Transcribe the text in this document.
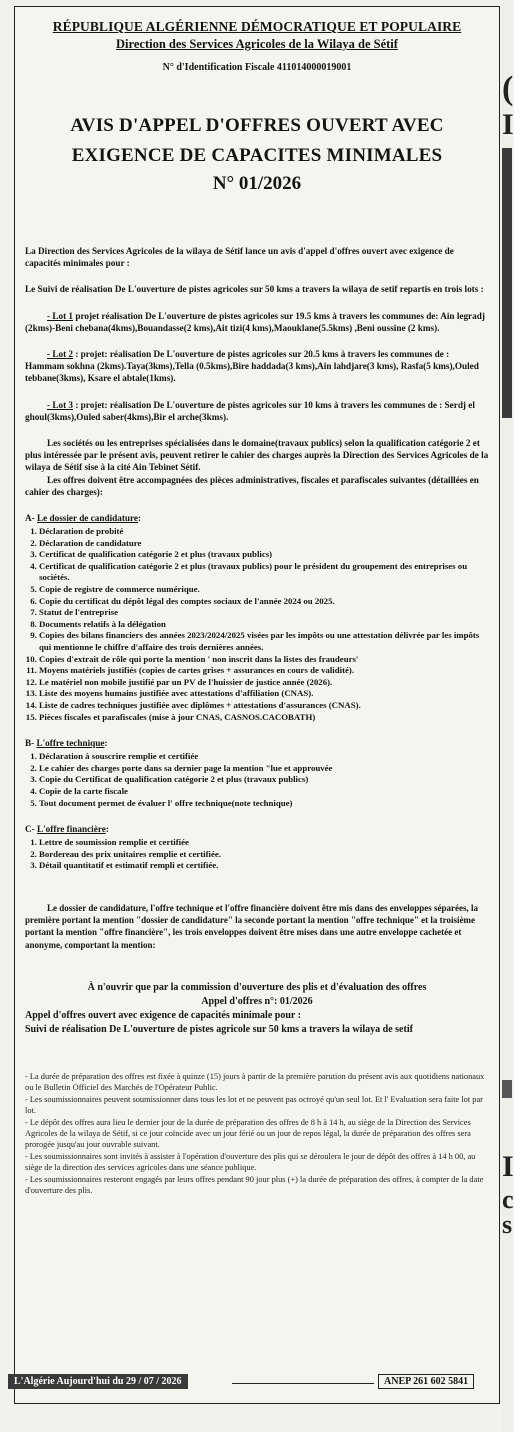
RÉPUBLIQUE ALGÉRIENNE DÉMOCRATIQUE ET POPULAIRE
Direction des Services Agricoles de la Wilaya de Sétif
N° d'Identification Fiscale 411014000019001
AVIS D'APPEL D'OFFRES OUVERT AVEC
EXIGENCE DE CAPACITES MINIMALES
N° 01/2026

La Direction des Services Agricoles de la wilaya de Sétif lance un avis d'appel d'offres ouvert avec exigence de capacités minimales pour :

Le Suivi de réalisation De L'ouverture de pistes agricoles sur 50 kms a travers la wilaya de setif repartis en trois lots :

- Lot 1 projet réalisation De L'ouverture de pistes agricoles sur 19.5 kms à travers les communes de: Ain legradj (2kms)-Beni chebana(4kms),Bouandasse(2 kms),Ait tizi(4 kms),Maouklane(5.5kms) ,Beni oussine (2 kms).

- Lot 2 : projet: réalisation De L'ouverture de pistes agricoles sur 20.5 kms à travers les communes de : Hammam sokhna (2kms).Taya(3kms),Tella (0.5kms),Bire haddada(3 kms),Ain lahdjare(3 kms), Rasfa(5 kms),Ouled tebbane(3kms), Ksare el abtale(1kms).

- Lot 3 : projet: réalisation De L'ouverture de pistes agricoles sur 10 kms à travers les communes de : Serdj el ghoul(3kms),Ouled saber(4kms),Bir el arche(3kms).

Les sociétés ou les entreprises spécialisées dans le domaine(travaux publics) selon la qualification catégorie 2 et plus intéressée par le présent avis, peuvent retirer le cahier des charges auprès la Direction des Services Agricoles de la wilaya de Sétif sise à la cité Ain Tebinet Sétif.

Les offres doivent être accompagnées des pièces administratives, fiscales et parafiscales suivantes (détaillées en cahier des charges):

A- Le dossier de candidature:
1. Déclaration de probité
2. Déclaration de candidature
3. Certificat de qualification catégorie 2 et plus (travaux publics)
4. Certificat de qualification catégorie 2 et plus (travaux publics) pour le président du groupement des entreprises ou sociétés.
5. Copie de registre de commerce numérique.
6. Copie du certificat du dépôt légal des comptes sociaux de l'année 2024 ou 2025.
7. Statut de l'entreprise
8. Documents relatifs à la délégation
9. Copies des bilans financiers des années 2023/2024/2025 visées par les impôts ou une attestation délivrée par les impôts qui mentionne le chiffre d'affaire des trois dernières années.
10. Copies d'extrait de rôle qui porte la mention ' non inscrit dans la listes des fraudeurs'
11. Moyens matériels justifiés (copies de cartes grises + assurances en cours de validité).
12. Le matériel non mobile justifié par un PV de l'huissier de justice année (2026).
13. Liste des moyens humains justifiée avec attestations d'affiliation (CNAS).
14. Liste de cadres techniques justifiée avec diplômes + attestations d'assurances (CNAS).
15. Pièces fiscales et parafiscales (mise à jour CNAS, CASNOS.CACOBATH)
B- L'offre technique:
1. Déclaration à souscrire remplie et certifiée
2. Le cahier des charges porte dans sa dernier page la mention "lue et approuvée
3. Copie du Certificat de qualification catégorie 2 et plus (travaux publics)
4. Copie de la carte fiscale
5. Tout document permet de évaluer l' offre technique(note technique)
C- L'offre financière:
1. Lettre de soumission remplie et certifiée
2. Bordereau des prix unitaires remplie et certifiée.
3. Détail quantitatif et estimatif rempli et certifiée.

Le dossier de candidature, l'offre technique et l'offre financière doivent être mis dans des enveloppes séparées, la première portant la mention "dossier de candidature" la seconde portant la mention "offre technique" et la troisième portant la mention "offre financière", les trois enveloppes doivent être mises dans une autre enveloppe cachetée et anonyme, comportant la mention:

À n'ouvrir que par la commission d'ouverture des plis et d'évaluation des offres

Appel d'offres n°: 01/2026

Appel d'offres ouvert avec exigence de capacités minimale pour :

Suivi de réalisation De L'ouverture de pistes agricole sur 50 kms a travers la wilaya de setif

- La durée de préparation des offres est fixée à quinze (15) jours à partir de la première parution du présent avis aux quotidiens nationaux ou le Bulletin Officiel des Marchés de l'Opérateur Public.

- Les soumissionnaires peuvent soumissionner dans tous les lot et ne peuvent pas octroyé qu'un seul lot. Et l' Evaluation sera faite lot par lot.

- Le dépôt des offres aura lieu le dernier jour de la durée de préparation des offres de 8 h à 14 h, au siège de la Direction des Services Agricoles de la wilaya de Sétif, si ce jour coïncide avec un jour férié ou un jour de repos légal, la durée de préparation des offres sera prorogée jusqu'au jour ouvrable suivant.

- Les soumissionnaires sont invités à assister à l'opération d'ouverture des plis qui se déroulera le jour de dépôt des offres à 14 h 00, au siège de la direction des services agricoles dans une séance publique.

- Les soumissionnaires resteront engagés par leurs offres pendant 90 jour plus (+) la durée de préparation des offres, à compter de la date d'ouverture des plis.

L'Algérie Aujourd'hui du 29 / 07 / 2026	ANEP 261 602 5841
(
I
I
c
s
